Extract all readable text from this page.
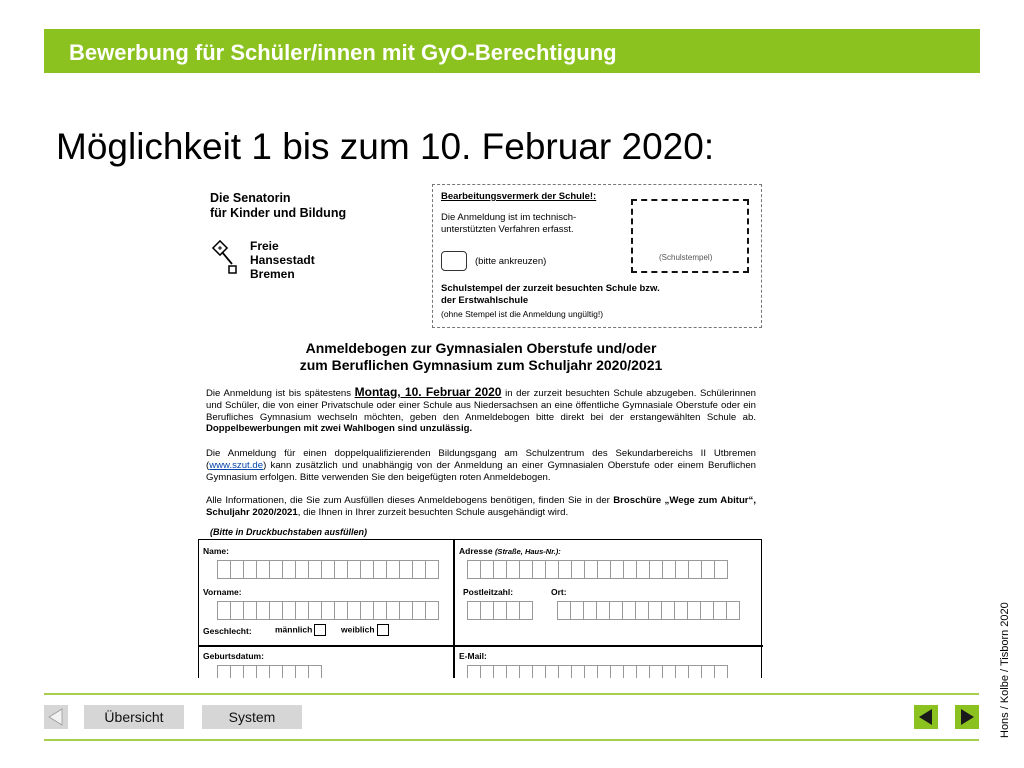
Bewerbung für Schüler/innen mit GyO-Berechtigung
Möglichkeit 1 bis zum 10. Februar 2020:
Die Senatorin
für Kinder und Bildung
Freie
Hansestadt
Bremen
Bearbeitungsvermerk der Schule!:
Die Anmeldung ist im technisch-unterstützten Verfahren erfasst.
(bitte ankreuzen)
Schulstempel der zurzeit besuchten Schule bzw. der Erstwahlschule
(ohne Stempel ist die Anmeldung ungültig!)
(Schulstempel)
Anmeldebogen zur Gymnasialen Oberstufe und/oder
zum Beruflichen Gymnasium zum Schuljahr 2020/2021
Die Anmeldung ist bis spätestens Montag, 10. Februar 2020 in der zurzeit besuchten Schule abzugeben. Schülerinnen und Schüler, die von einer Privatschule oder einer Schule aus Niedersachsen an eine öffentliche Gymnasiale Oberstufe oder ein Berufliches Gymnasium wechseln möchten, geben den Anmeldebogen bitte direkt bei der erstangewählten Schule ab. Doppelbewerbungen mit zwei Wahlbogen sind unzulässig.
Die Anmeldung für einen doppelqualifizierenden Bildungsgang am Schulzentrum des Sekundarbereichs II Utbremen (www.szut.de) kann zusätzlich und unabhängig von der Anmeldung an einer Gymnasialen Oberstufe oder einem Beruflichen Gymnasium erfolgen. Bitte verwenden Sie den beigefügten roten Anmeldebogen.
Alle Informationen, die Sie zum Ausfüllen dieses Anmeldebogens benötigen, finden Sie in der Broschüre „Wege zum Abitur“, Schuljahr 2020/2021, die Ihnen in Ihrer zurzeit besuchten Schule ausgehändigt wird.
(Bitte in Druckbuchstaben ausfüllen)
Name:	Adresse (Straße, Haus-Nr.):
Vorname:	Postleitzahl:	Ort:
Geschlecht:	männlich	weiblich
Geburtsdatum:	E-Mail:	Hons / Kolbe / Tisborn 2020
Übersicht	System
